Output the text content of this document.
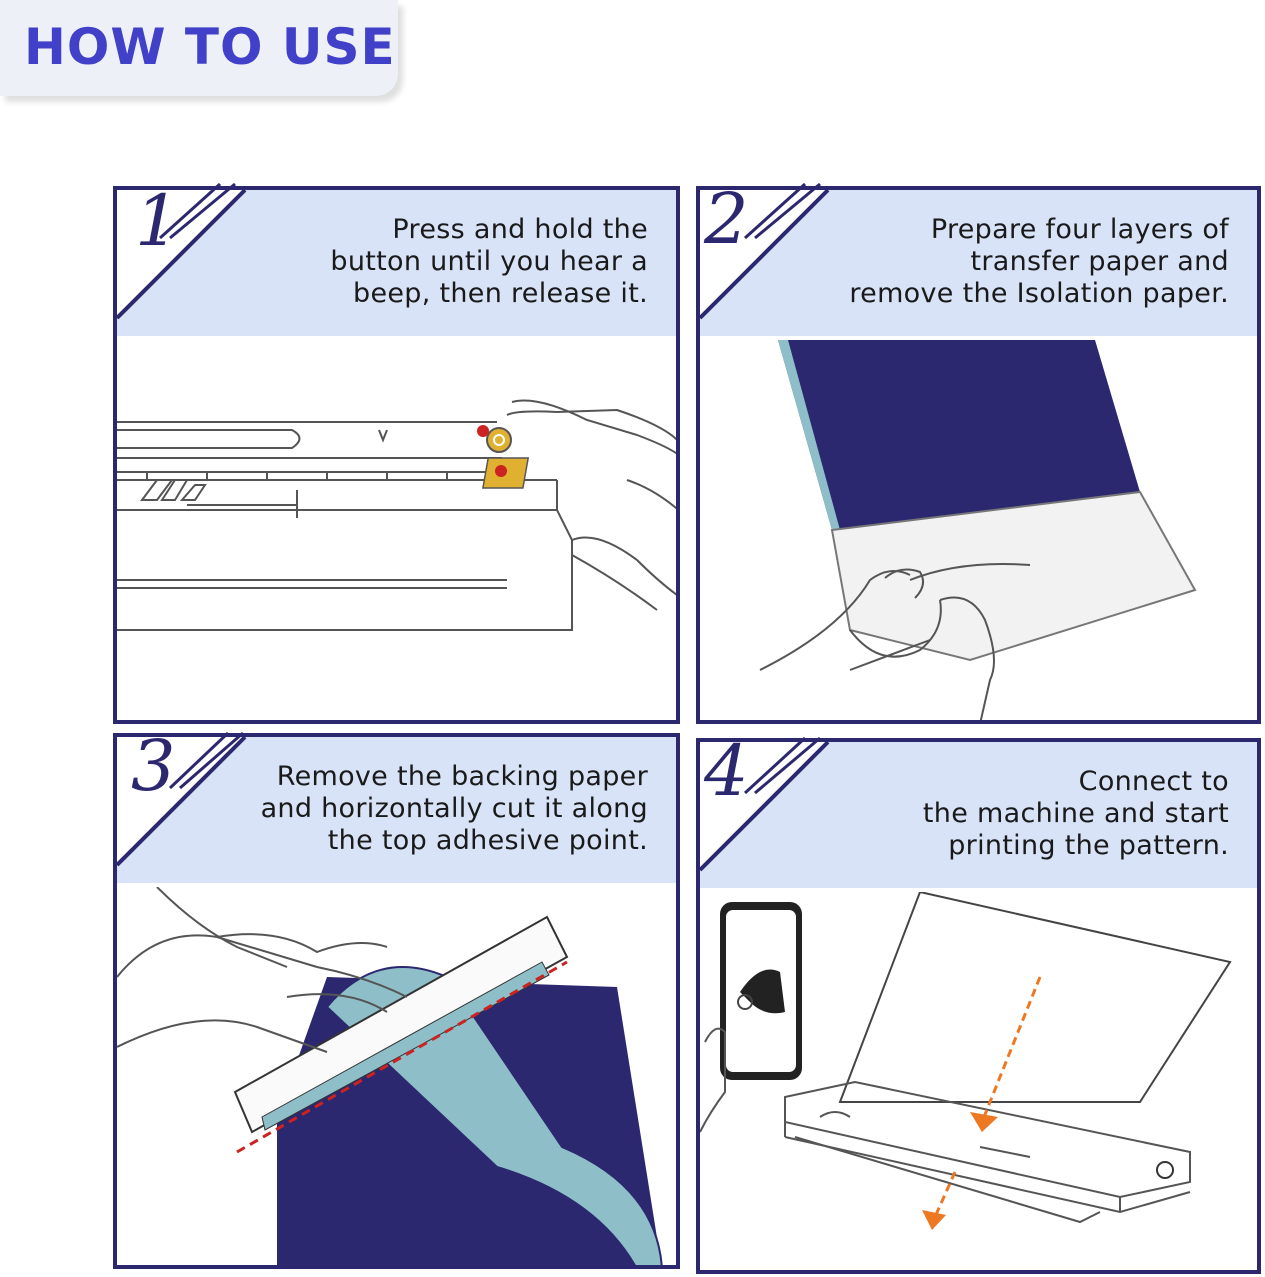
HOW TO USE
Press and hold the
button until you hear a
beep, then release it.
1	Prepare four layers of
transfer paper and
remove the Isolation paper.
2
Remove the backing paper
and horizontally cut it along
the top adhesive point.
3	Connect to
the machine and start
printing the pattern.
4
